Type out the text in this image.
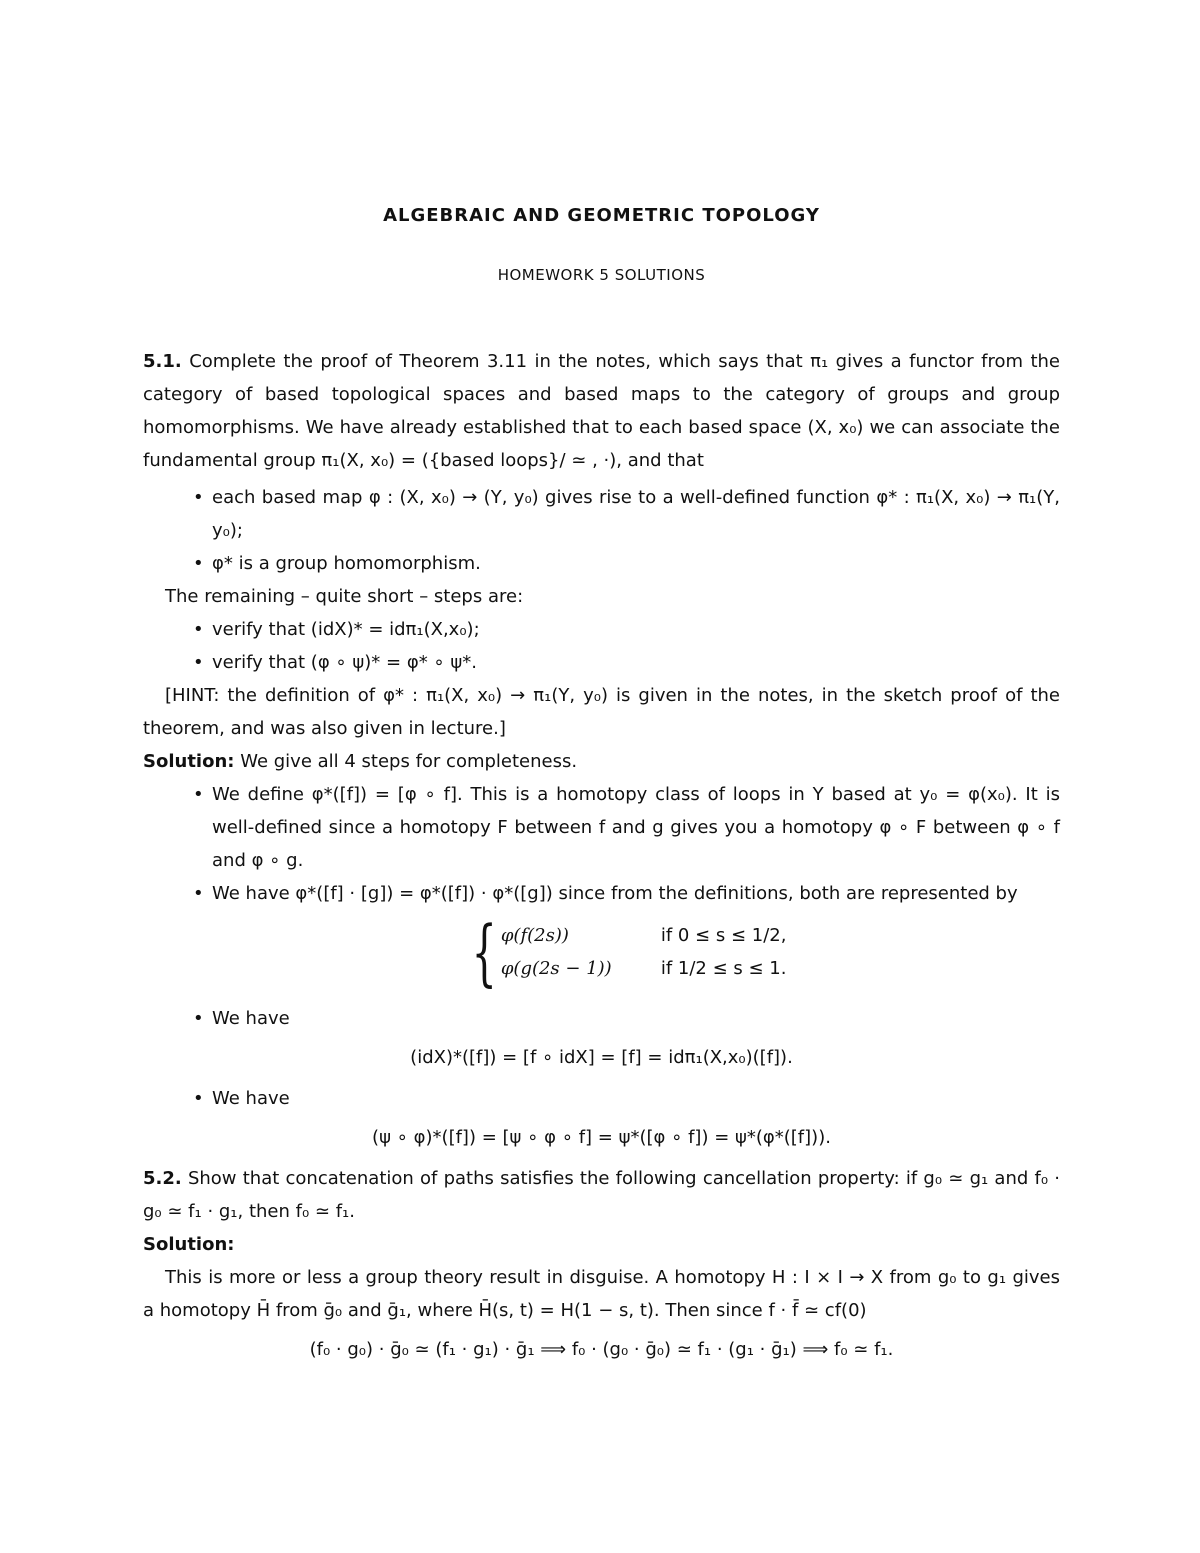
ALGEBRAIC AND GEOMETRIC TOPOLOGY
HOMEWORK 5 SOLUTIONS

5.1. Complete the proof of Theorem 3.11 in the notes, which says that π₁ gives a functor from the category of based topological spaces and based maps to the category of groups and group homomorphisms. We have already established that to each based space (X, x₀) we can associate the fundamental group π₁(X, x₀) = ({based loops}/ ≃ , ·), and that

• each based map φ : (X, x₀) → (Y, y₀) gives rise to a well-defined function φ* : π₁(X, x₀) → π₁(Y, y₀);

• φ* is a group homomorphism.

The remaining – quite short – steps are:

• verify that (idX)* = idπ₁(X,x₀);

• verify that (φ ∘ ψ)* = φ* ∘ ψ*.

[HINT: the definition of φ* : π₁(X, x₀) → π₁(Y, y₀) is given in the notes, in the sketch proof of the theorem, and was also given in lecture.]

Solution: We give all 4 steps for completeness.

• We define φ*([f]) = [φ ∘ f]. This is a homotopy class of loops in Y based at y₀ = φ(x₀). It is well-defined since a homotopy F between f and g gives you a homotopy φ ∘ F between φ ∘ f and φ ∘ g.

• We have φ*([f] · [g]) = φ*([f]) · φ*([g]) since from the definitions, both are represented by

{ φ(f(2s))	if 0 ≤ s ≤ 1/2,
φ(g(2s − 1))	if 1/2 ≤ s ≤ 1.

• We have

(idX)*([f]) = [f ∘ idX] = [f] = idπ₁(X,x₀)([f]).

• We have

(ψ ∘ φ)*([f]) = [ψ ∘ φ ∘ f] = ψ*([φ ∘ f]) = ψ*(φ*([f])).

5.2. Show that concatenation of paths satisfies the following cancellation property: if g₀ ≃ g₁ and f₀ · g₀ ≃ f₁ · g₁, then f₀ ≃ f₁.

Solution:

This is more or less a group theory result in disguise. A homotopy H : I × I → X from g₀ to g₁ gives a homotopy H̄ from ḡ₀ and ḡ₁, where H̄(s, t) = H(1 − s, t). Then since f · f̄ ≃ cf(0)

(f₀ · g₀) · ḡ₀ ≃ (f₁ · g₁) · ḡ₁ ⟹ f₀ · (g₀ · ḡ₀) ≃ f₁ · (g₁ · ḡ₁) ⟹ f₀ ≃ f₁.
